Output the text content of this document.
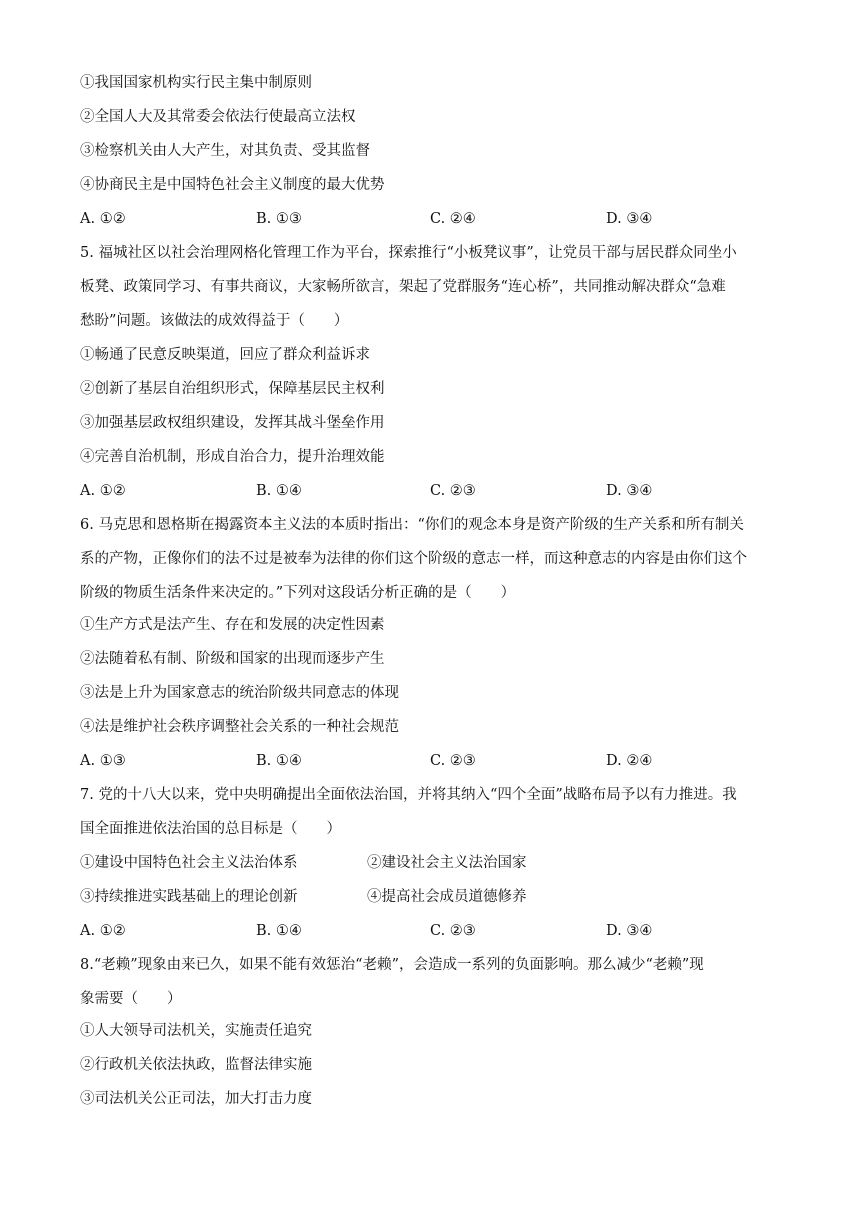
①我国国家机构实行民主集中制原则
②全国人大及其常委会依法行使最高立法权
③检察机关由人大产生，对其负责、受其监督
④协商民主是中国特色社会主义制度的最大优势
A. ①②	B. ①③	C. ②④	D. ③④
5. 福城社区以社会治理网格化管理工作为平台，探索推行“小板凳议事”，让党员干部与居民群众同坐小
板凳、政策同学习、有事共商议，大家畅所欲言，架起了党群服务“连心桥”，共同推动解决群众“急难
愁盼”问题。该做法的成效得益于（　　）
①畅通了民意反映渠道，回应了群众利益诉求
②创新了基层自治组织形式，保障基层民主权利
③加强基层政权组织建设，发挥其战斗堡垒作用
④完善自治机制，形成自治合力，提升治理效能
A. ①②	B. ①④	C. ②③	D. ③④
6. 马克思和恩格斯在揭露资本主义法的本质时指出：“你们的观念本身是资产阶级的生产关系和所有制关
系的产物，正像你们的法不过是被奉为法律的你们这个阶级的意志一样，而这种意志的内容是由你们这个
阶级的物质生活条件来决定的。”下列对这段话分析正确的是（　　）
①生产方式是法产生、存在和发展的决定性因素
②法随着私有制、阶级和国家的出现而逐步产生
③法是上升为国家意志的统治阶级共同意志的体现
④法是维护社会秩序调整社会关系的一种社会规范
A. ①③	B. ①④	C. ②③	D. ②④
7. 党的十八大以来，党中央明确提出全面依法治国，并将其纳入“四个全面”战略布局予以有力推进。我
国全面推进依法治国的总目标是（　　）
①建设中国特色社会主义法治体系	②建设社会主义法治国家
③持续推进实践基础上的理论创新	④提高社会成员道德修养
A. ①②	B. ①④	C. ②③	D. ③④
8.“老赖”现象由来已久，如果不能有效惩治“老赖”，会造成一系列的负面影响。那么减少“老赖”现
象需要（　　）
①人大领导司法机关，实施责任追究
②行政机关依法执政，监督法律实施
③司法机关公正司法，加大打击力度
